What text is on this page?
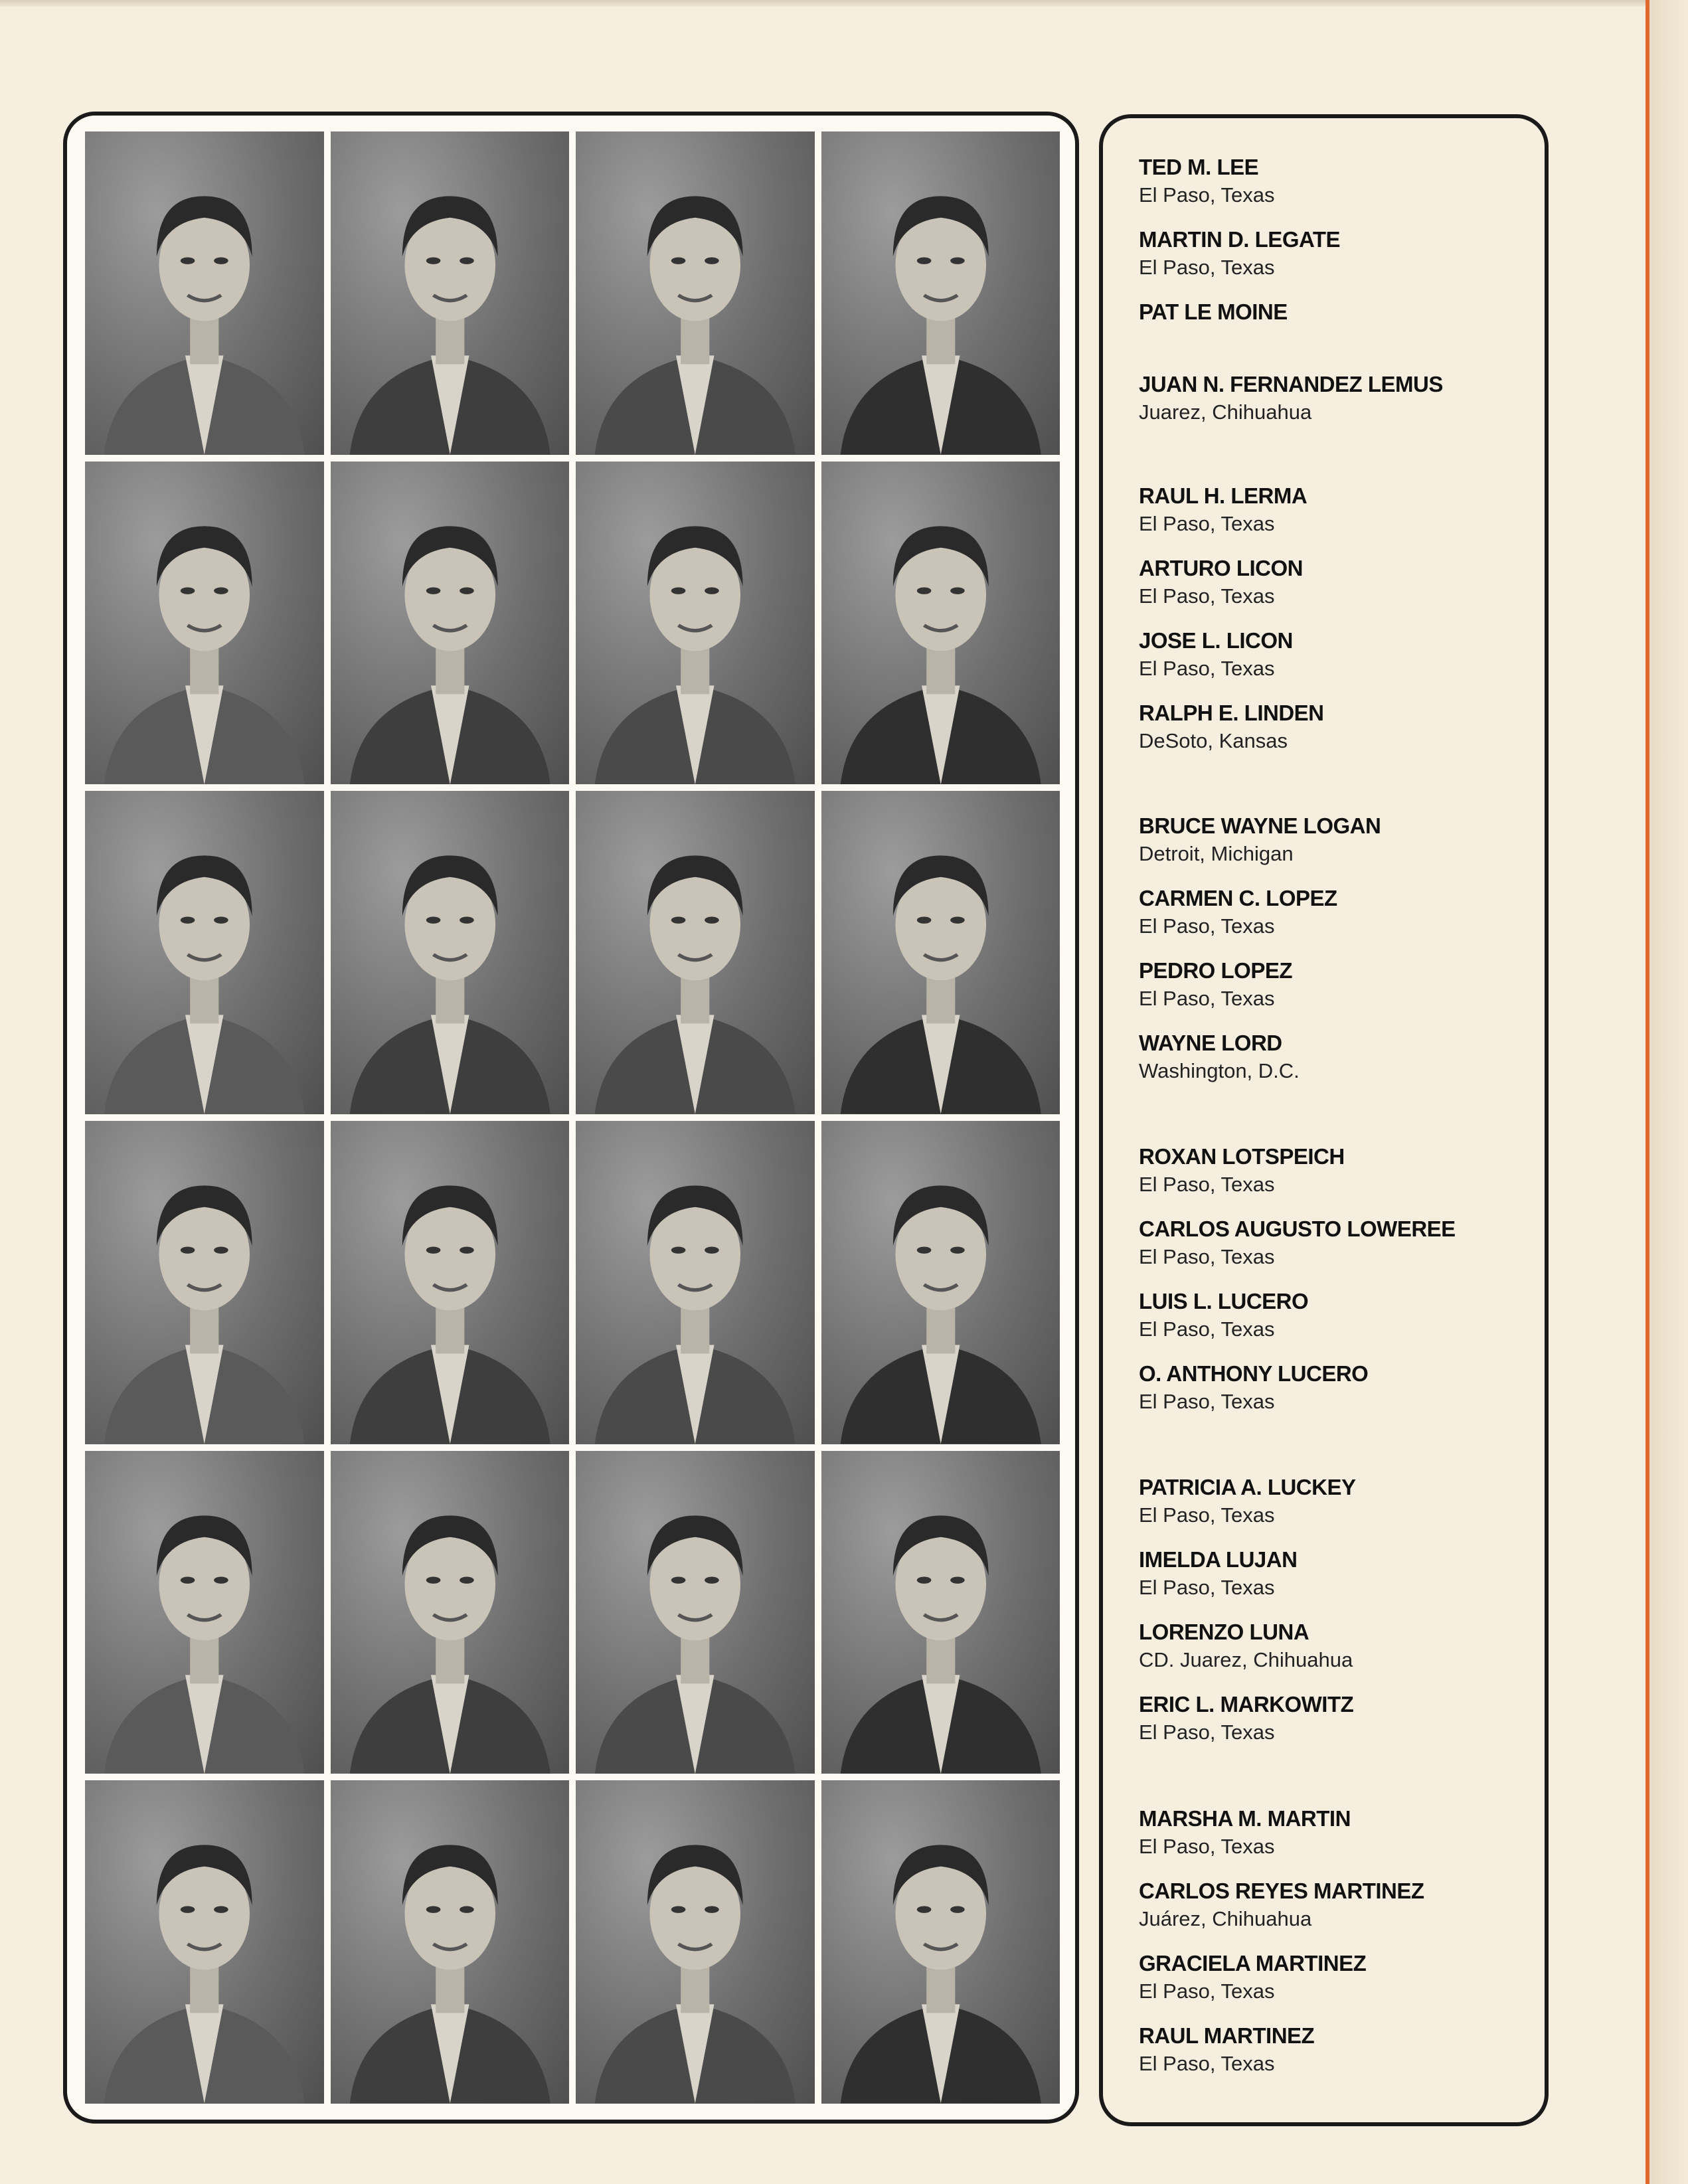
TED M. LEE
El Paso, Texas
MARTIN D. LEGATE
El Paso, Texas
PAT LE MOINE
JUAN N. FERNANDEZ LEMUS
Juarez, Chihuahua
RAUL H. LERMA
El Paso, Texas
ARTURO LICON
El Paso, Texas
JOSE L. LICON
El Paso, Texas
RALPH E. LINDEN
DeSoto, Kansas
BRUCE WAYNE LOGAN
Detroit, Michigan
CARMEN C. LOPEZ
El Paso, Texas
PEDRO LOPEZ
El Paso, Texas
WAYNE LORD
Washington, D.C.
ROXAN LOTSPEICH
El Paso, Texas
CARLOS AUGUSTO LOWEREE
El Paso, Texas
LUIS L. LUCERO
El Paso, Texas
O. ANTHONY LUCERO
El Paso, Texas
PATRICIA A. LUCKEY
El Paso, Texas
IMELDA LUJAN
El Paso, Texas
LORENZO LUNA
CD. Juarez, Chihuahua
ERIC L. MARKOWITZ
El Paso, Texas
MARSHA M. MARTIN
El Paso, Texas
CARLOS REYES MARTINEZ
Juárez, Chihuahua
GRACIELA MARTINEZ
El Paso, Texas
RAUL MARTINEZ
El Paso, Texas
